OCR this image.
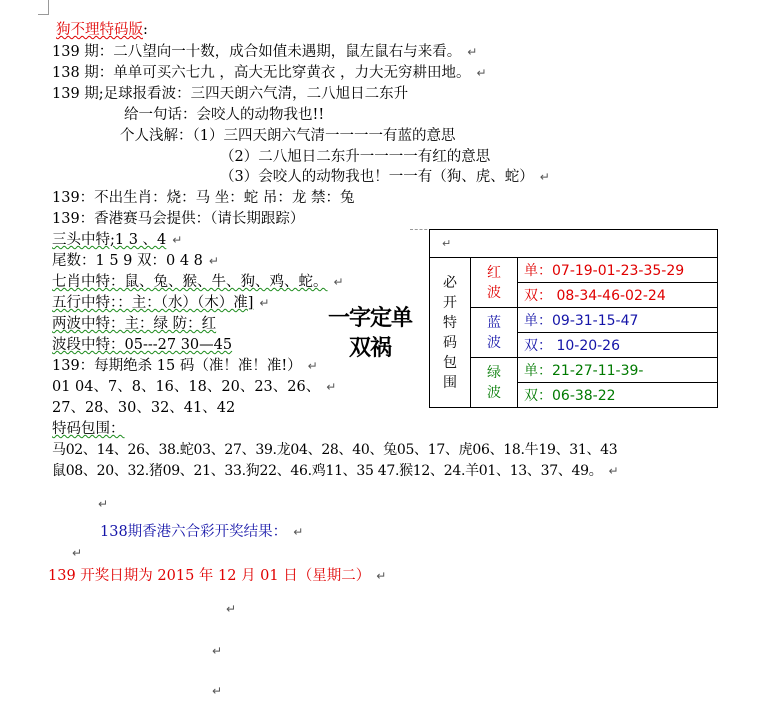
狗不理特码版:
139 期：二八望向一十数，成合如值未遇期，鼠左鼠右与来看。 ↵
138 期：单单可买六七九 ，高大无比穿黄衣 ，力大无穷耕田地。 ↵
139 期;足球报看波：三四天朗六气清，二八旭日二东升
给一句话：会咬人的动物我也!!
个人浅解：（1）三四天朗六气清一一一一有蓝的意思
（2）二八旭日二东升一一一一有红的意思
（3）会咬人的动物我也！一一有（狗、虎、蛇） ↵
139：不出生肖：烧：马 坐：蛇 吊：龙 禁：兔
139：香港赛马会提供：（请长期跟踪）
三头中特;1 3 、4 ↵
尾数：1 5 9 双：0 4 8 ↵
七肖中特：鼠、兔、猴、牛、狗、鸡、蛇。 ↵
五行中特：：主：（水）（木）准] ↵
两波中特：主：绿 防：红
波段中特：05---27 30—45
139：每期绝杀 15 码（准！准！准!） ↵
01 04、7、8、16、18、20、23、26、 ↵
27、28、30、32、41、42
特码包围：
马02、14、26、38.蛇03、27、39.龙04、28、40、兔05、17、虎06、18.牛19、31、43
鼠08、20、32.猪09、21、33.狗22、46.鸡11、35 47.猴12、24.羊01、13、37、49。 ↵
↵
138期香港六合彩开奖结果： ↵
↵
139 开奖日期为 2015 年 12 月 01 日（星期二） ↵
↵
↵
↵
一字定单双祸
↵		
必开特码包围	红波	单：07-19-01-23-35-29
		双： 08-34-46-02-24
	蓝波	单：09-31-15-47
		双： 10-20-26
	绿波	单：21-27-11-39-
		双：06-38-22
